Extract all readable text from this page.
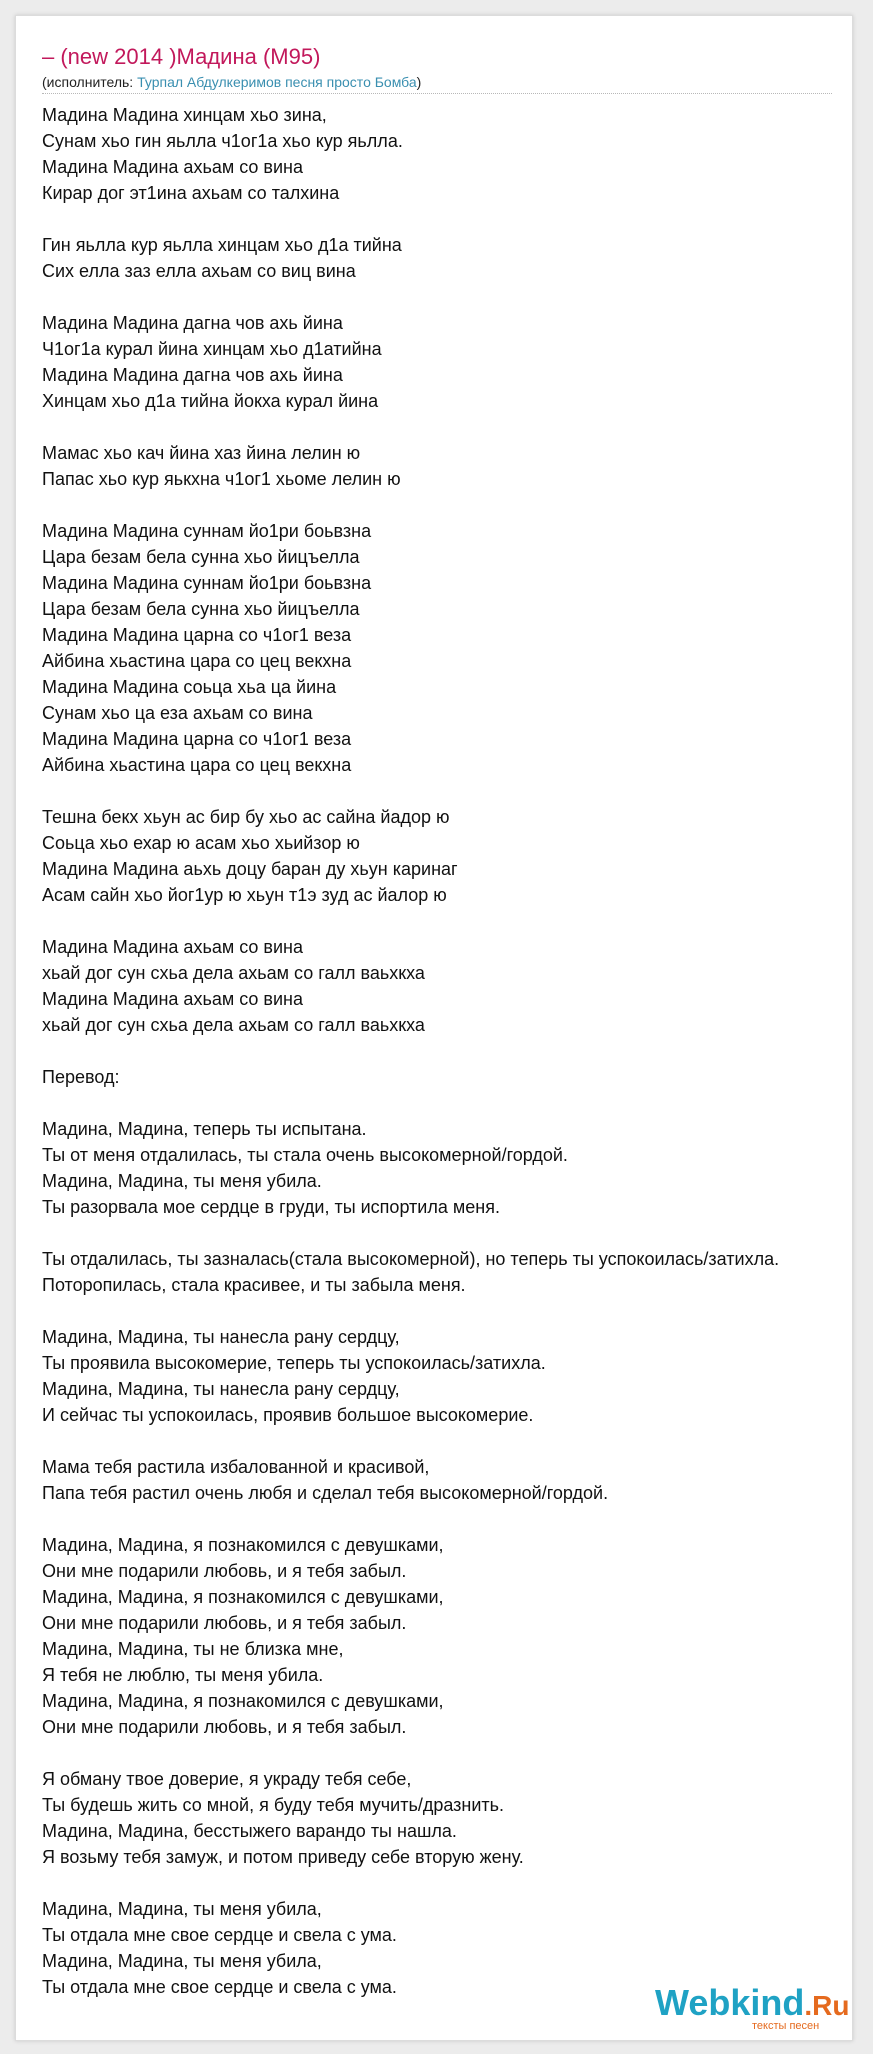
– (new 2014 )Мадина (М95)
(исполнитель: Турпал Абдулкеримов песня просто Бомба)
Мадина Мадина хинцам хьо зина,
Сунам хьо гин яьлла ч1ог1а хьо кур яьлла.
Мадина Мадина ахьам со вина
Кирар дог эт1ина ахьам со талхина
Гин яьлла кур яьлла хинцам хьо д1а тийна
Сих елла заз елла ахьам со виц вина
Мадина Мадина дагна чов ахь йина
Ч1ог1а курал йина хинцам хьо д1атийна
Мадина Мадина дагна чов ахь йина
Хинцам хьо д1а тийна йокха курал йина
Мамас хьо кач йина хаз йина лелин ю
Папас хьо кур яькхна ч1ог1 хьоме лелин ю
Мадина Мадина суннам йо1ри боьвзна
Цара безам бела сунна хьо йицъелла
Мадина Мадина суннам йо1ри боьвзна
Цара безам бела сунна хьо йицъелла
Мадина Мадина царна со ч1ог1 веза
Айбина хьастина цара со цец векхна
Мадина Мадина соьца хьа ца йина
Сунам хьо ца еза ахьам со вина
Мадина Мадина царна со ч1ог1 веза
Айбина хьастина цара со цец векхна
Тешна бекх хьун ас бир бу хьо ас сайна йадор ю
Соьца хьо ехар ю асам хьо хьийзор ю
Мадина Мадина аьхь доцу баран ду хьун каринаг
Асам сайн хьо йог1ур ю хьун т1э зуд ас йалор ю
Мадина Мадина ахьам со вина
хьай дог сун схьа дела ахьам со галл ваьхкха
Мадина Мадина ахьам со вина
хьай дог сун схьа дела ахьам со галл ваьхкха
Перевод:
Мадина, Мадина, теперь ты испытана.
Ты от меня отдалилась, ты стала очень высокомерной/гордой.
Мадина, Мадина, ты меня убила.
Ты разорвала мое сердце в груди, ты испортила меня.
Ты отдалилась, ты зазналась(стала высокомерной), но теперь ты успокоилась/затихла.
Поторопилась, стала красивее, и ты забыла меня.
Мадина, Мадина, ты нанесла рану сердцу,
Ты проявила высокомерие, теперь ты успокоилась/затихла.
Мадина, Мадина, ты нанесла рану сердцу,
И сейчас ты успокоилась, проявив большое высокомерие.
Мама тебя растила избалованной и красивой,
Папа тебя растил очень любя и сделал тебя высокомерной/гордой.
Мадина, Мадина, я познакомился с девушками,
Они мне подарили любовь, и я тебя забыл.
Мадина, Мадина, я познакомился с девушками,
Они мне подарили любовь, и я тебя забыл.
Мадина, Мадина, ты не близка мне,
Я тебя не люблю, ты меня убила.
Мадина, Мадина, я познакомился с девушками,
Они мне подарили любовь, и я тебя забыл.
Я обману твое доверие, я украду тебя себе,
Ты будешь жить со мной, я буду тебя мучить/дразнить.
Мадина, Мадина, бесстыжего варандо ты нашла.
Я возьму тебя замуж, и потом приведу себе вторую жену.
Мадина, Мадина, ты меня убила,
Ты отдала мне свое сердце и свела с ума.
Мадина, Мадина, ты меня убила,
Ты отдала мне свое сердце и свела с ума.	Webkind.Ru
тексты песен
